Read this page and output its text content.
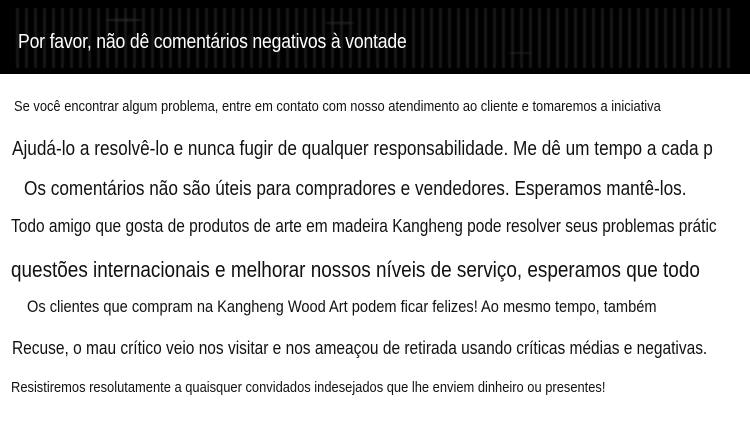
Por favor, não dê comentários negativos à vontade

Se você encontrar algum problema, entre em contato com nosso atendimento ao cliente e tomaremos a iniciativa

Ajudá-lo a resolvê-lo e nunca fugir de qualquer responsabilidade. Me dê um tempo a cada p

Os comentários não são úteis para compradores e vendedores. Esperamos mantê-los.

Todo amigo que gosta de produtos de arte em madeira Kangheng pode resolver seus problemas prátic

questões internacionais e melhorar nossos níveis de serviço, esperamos que todo

Os clientes que compram na Kangheng Wood Art podem ficar felizes! Ao mesmo tempo, também

Recuse, o mau crítico veio nos visitar e nos ameaçou de retirada usando críticas médias e negativas.

Resistiremos resolutamente a quaisquer convidados indesejados que lhe enviem dinheiro ou presentes!
